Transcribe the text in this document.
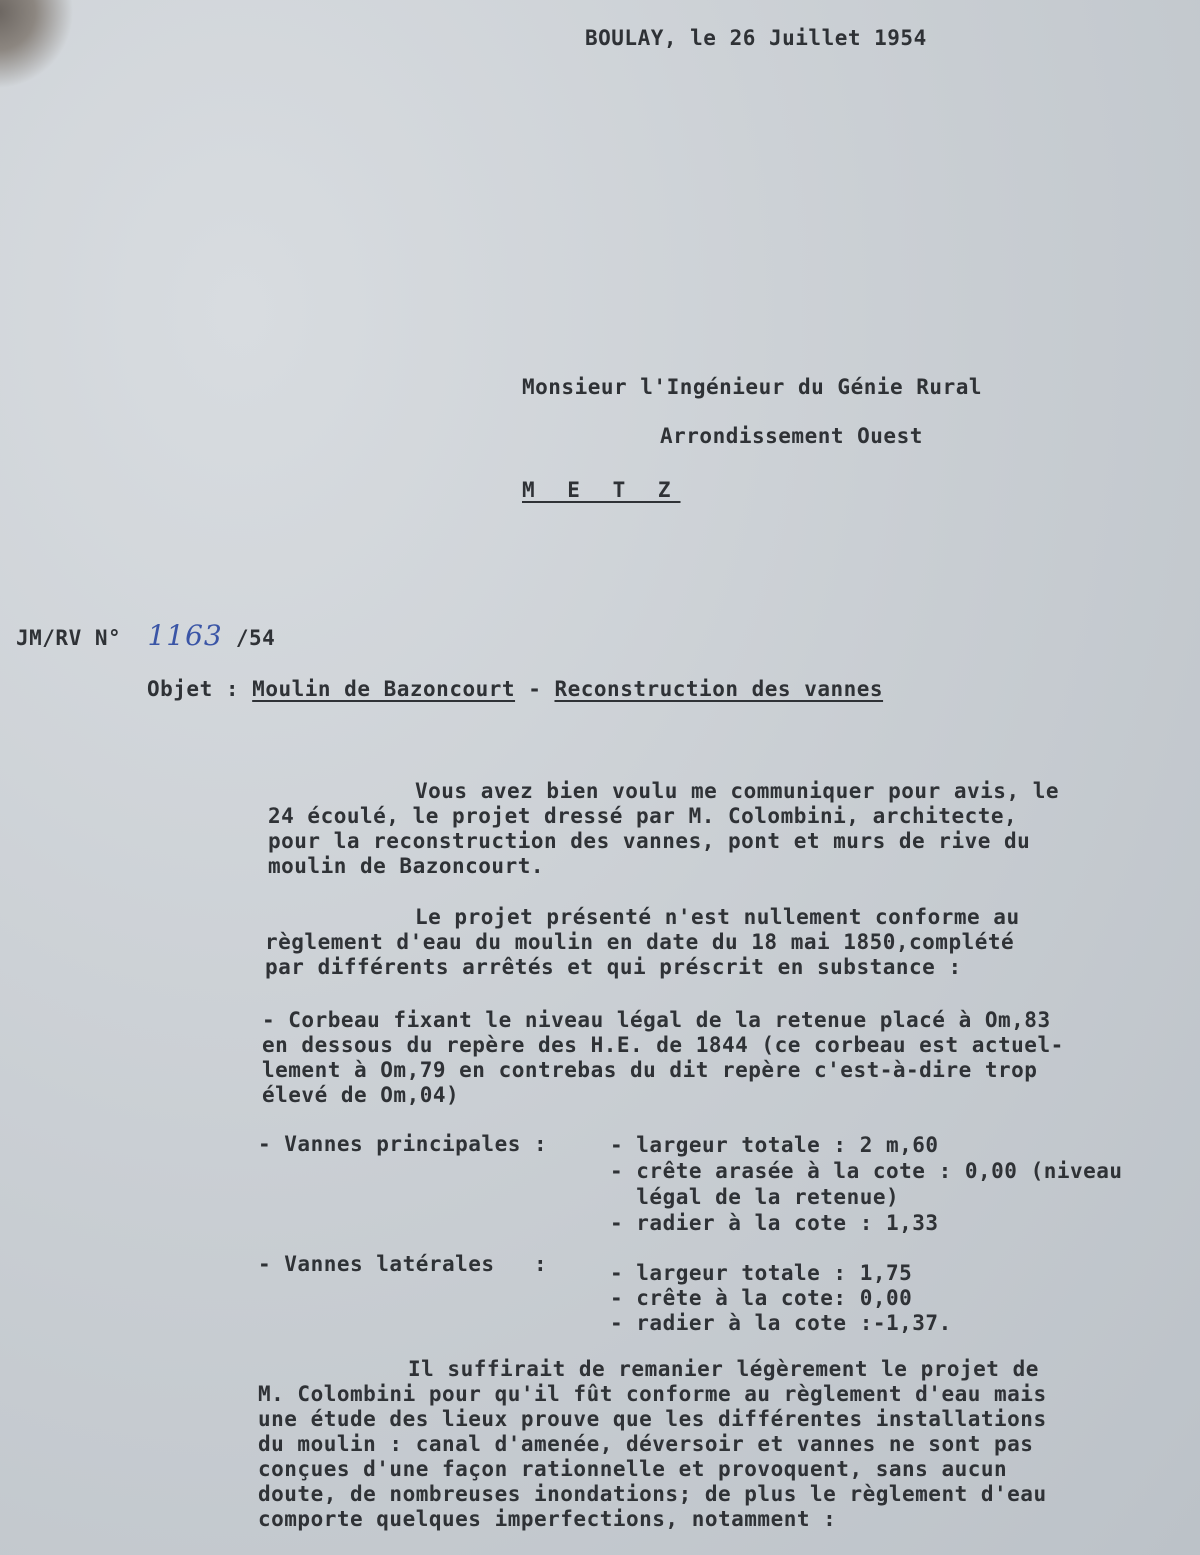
BOULAY, le 26 Juillet 1954
Monsieur l'Ingénieur du Génie Rural
Arrondissement Ouest
M E T Z
JM/RV N° 1163 /54
Objet : Moulin de Bazoncourt - Reconstruction des vannes
Vous avez bien voulu me communiquer pour avis, le
24 écoulé, le projet dressé par M. Colombini, architecte,
pour la reconstruction des vannes, pont et murs de rive du
moulin de Bazoncourt.
Le projet présenté n'est nullement conforme au
règlement d'eau du moulin en date du 18 mai 1850,complété
par différents arrêtés et qui préscrit en substance :
- Corbeau fixant le niveau légal de la retenue placé à Om,83
en dessous du repère des H.E. de 1844 (ce corbeau est actuel-
lement à Om,79 en contrebas du dit repère c'est-à-dire trop
élevé de Om,04)
- Vannes principales :	- largeur totale : 2 m,60
- crête arasée à la cote : 0,00 (niveau
légal de la retenue)
- radier à la cote : 1,33
- Vannes latérales   :	- largeur totale : 1,75
- crête à la cote: 0,00
- radier à la cote :-1,37.
Il suffirait de remanier légèrement le projet de
M. Colombini pour qu'il fût conforme au règlement d'eau mais
une étude des lieux prouve que les différentes installations
du moulin : canal d'amenée, déversoir et vannes ne sont pas
conçues d'une façon rationnelle et provoquent, sans aucun
doute, de nombreuses inondations; de plus le règlement d'eau
comporte quelques imperfections, notamment :
